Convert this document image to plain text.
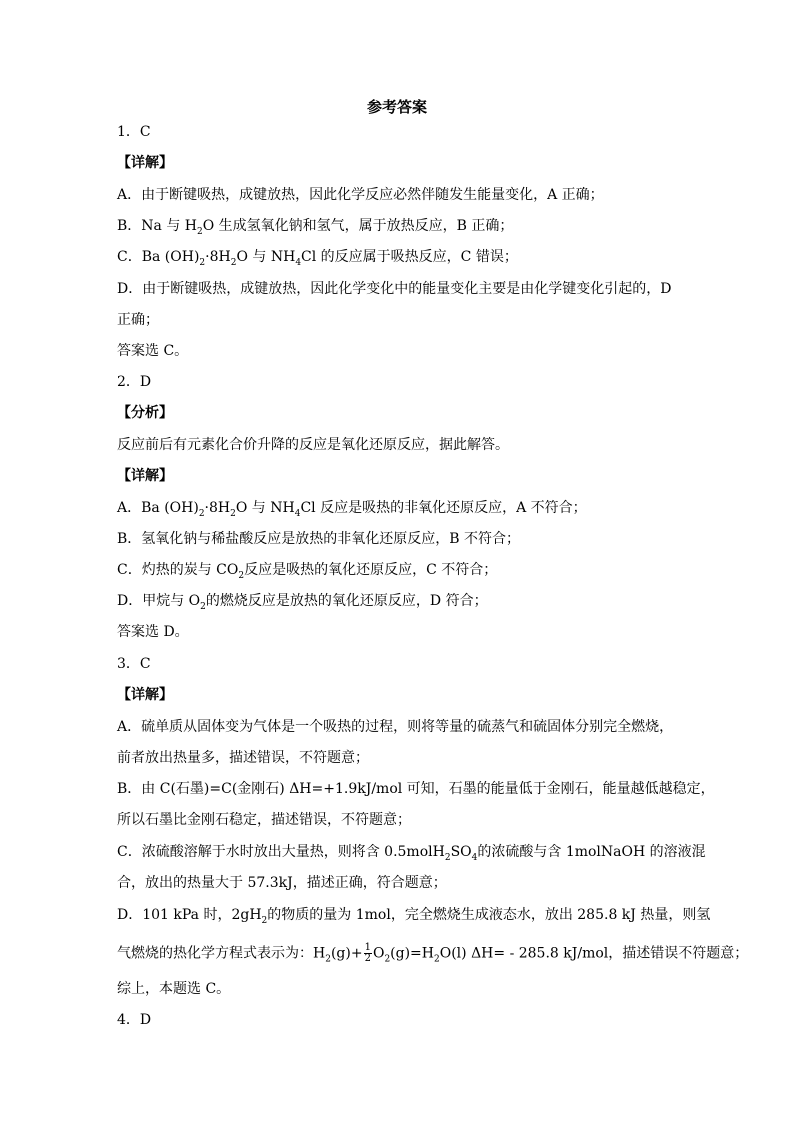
参考答案
1．C
【详解】
A．由于断键吸热，成键放热，因此化学反应必然伴随发生能量变化，A 正确；
B．Na 与 $H_2O$ 生成氢氧化钠和氢气，属于放热反应，B 正确；
C．Ba $(OH)_2\cdot 8H_2O$ 与 $NH_4Cl$ 的反应属于吸热反应，C 错误；
D．由于断键吸热，成键放热，因此化学变化中的能量变化主要是由化学键变化引起的，D
正确；
答案选 C。
2．D
【分析】
反应前后有元素化合价升降的反应是氧化还原反应，据此解答。
【详解】
A．Ba $(OH)_2\cdot 8H_2O$ 与 $NH_4Cl$ 反应是吸热的非氧化还原反应，A 不符合；
B．氢氧化钠与稀盐酸反应是放热的非氧化还原反应，B 不符合；
C．灼热的炭与 $CO_2$反应是吸热的氧化还原反应，C 不符合；
D．甲烷与 $O_2$的燃烧反应是放热的氧化还原反应，D 符合；
答案选 D。
3．C
【详解】
A．硫单质从固体变为气体是一个吸热的过程，则将等量的硫蒸气和硫固体分别完全燃烧，
前者放出热量多，描述错误，不符题意；
B．由 C(石墨)=C(金刚石) ΔH=+1.9kJ/mol 可知，石墨的能量低于金刚石，能量越低越稳定，
所以石墨比金刚石稳定，描述错误，不符题意；
C．浓硫酸溶解于水时放出大量热，则将含 $0.5molH_2SO_4$的浓硫酸与含 1molNaOH 的溶液混
合，放出的热量大于 57.3kJ，描述正确，符合题意；
D．101 kPa 时，$2gH_2$的物质的量为 1mol，完全燃烧生成液态水，放出 285.8 kJ 热量，则氢
气燃烧的热化学方程式表示为：$H_2(g)+ \frac{1}{2} O_2(g)=H_2O(l)$ ΔH= - 285.8 kJ/mol，描述错误不符题意；
综上，本题选 C。
4．D
